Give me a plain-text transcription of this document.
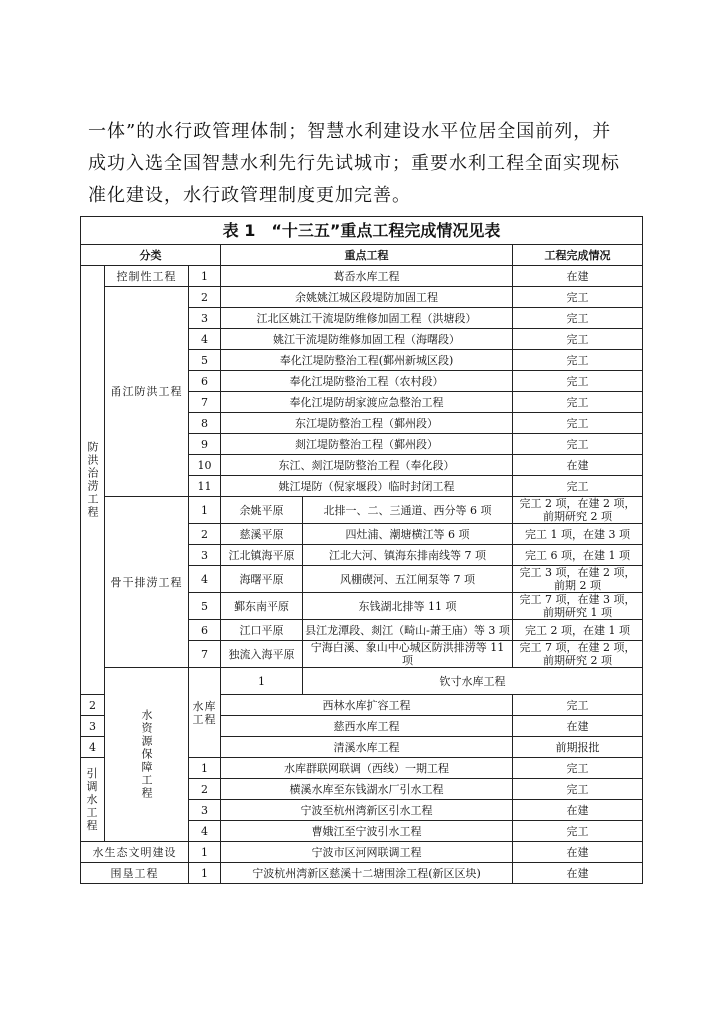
一体”的水行政管理体制；智慧水利建设水平位居全国前列，并
成功入选全国智慧水利先行先试城市；重要水利工程全面实现标
准化建设，水行政管理制度更加完善。
表 1　“十三五”重点工程完成情况见表						
分类			重点工程		工程完成情况	
防洪治涝工程	控制性工程	1	葛岙水库工程		在建	
	甬江防洪工程	2	余姚姚江城区段堤防加固工程		完工	
		3	江北区姚江干流堤防维修加固工程（洪塘段）		完工	
		4	姚江干流堤防维修加固工程（海曙段）		完工	
		5	奉化江堤防整治工程(鄞州新城区段)		完工	
		6	奉化江堤防整治工程（农村段）		完工	
		7	奉化江堤防胡家渡应急整治工程		完工	
		8	东江堤防整治工程（鄞州段）		完工	
		9	剡江堤防整治工程（鄞州段）		完工	
		10	东江、剡江堤防整治工程（奉化段）		在建	
		11	姚江堤防（倪家堰段）临时封闭工程		完工	
	骨干排涝工程	1	余姚平原	北排一、二、三通道、西分等 6 项	完工 2 项，在建 2 项，前期研究 2 项	
		2	慈溪平原	四灶浦、潮塘横江等 6 项	完工 1 项，在建 3 项	
		3	江北镇海平原	江北大河、镇海东排南线等 7 项	完工 6 项，在建 1 项	
		4	海曙平原	风棚碶河、五江闸泵等 7 项	完工 3 项，在建 2 项，前期 2 项	
		5	鄞东南平原	东钱湖北排等 11 项	完工 7 项，在建 3 项，前期研究 1 项	
		6	江口平原	县江龙潭段、剡江（畸山-萧王庙）等 3 项	完工 2 项，在建 1 项	
		7	独流入海平原	宁海白溪、象山中心城区防洪排涝等 11 项	完工 7 项，在建 2 项，前期研究 2 项	
	水资源保障工程	水库工程	1	钦寸水库工程	
2			西林水库扩容工程		完工	
3			慈西水库工程		在建	
4			清溪水库工程		前期报批	
引调水工程		1	水库群联网联调（西线）一期工程		完工	
		2	横溪水库至东钱湖水厂引水工程		完工	
		3	宁波至杭州湾新区引水工程		在建	
		4	曹娥江至宁波引水工程		完工	
水生态文明建设		1	宁波市区河网联调工程		在建	
围垦工程		1	宁波杭州湾新区慈溪十二塘围涂工程(新区区块)		在建	
